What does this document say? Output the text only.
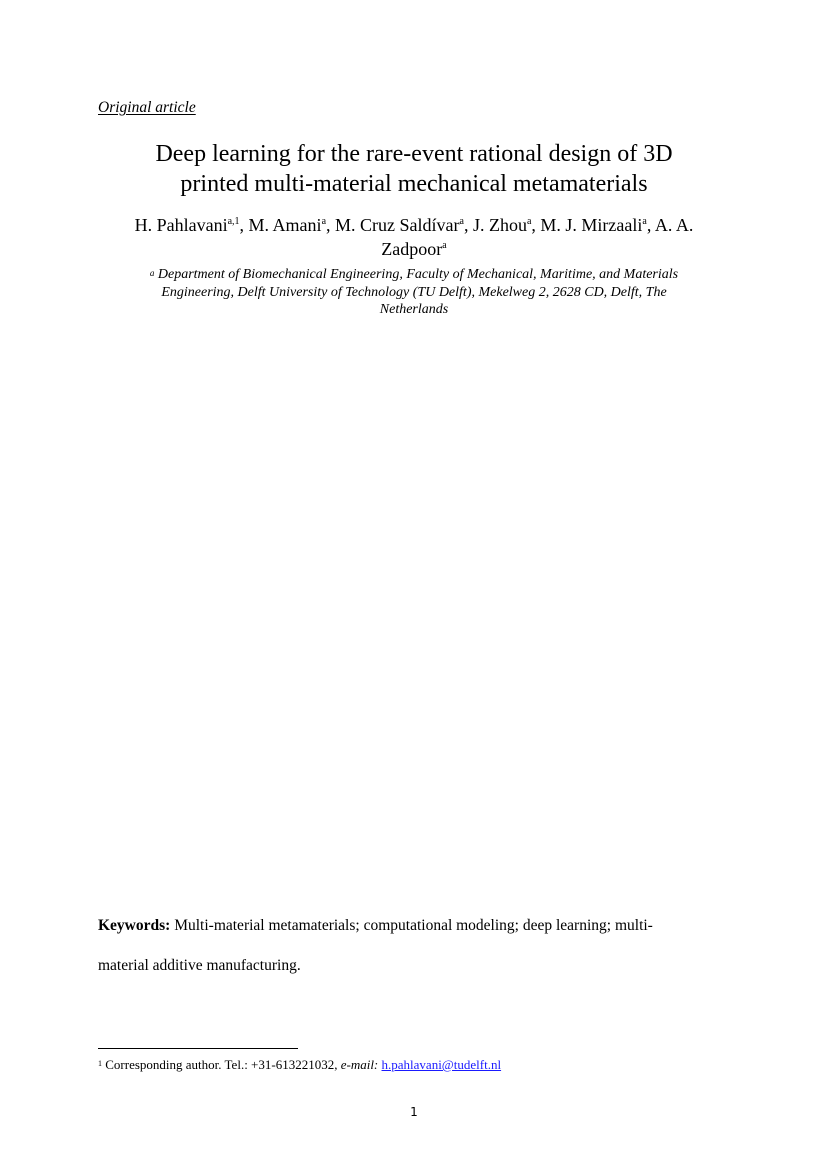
Original article
Deep learning for the rare-event rational design of 3D
printed multi-material mechanical metamaterials
H. Pahlavani$^{a,1}$, M. Amani$^a$, M. Cruz Saldívar$^a$, J. Zhou$^a$, M. J. Mirzaali$^a$, A. A.
Zadpoor$^a$
$^a$ Department of Biomechanical Engineering, Faculty of Mechanical, Maritime, and Materials
Engineering, Delft University of Technology (TU Delft), Mekelweg 2, 2628 CD, Delft, The
Netherlands
Keywords: Multi-material metamaterials; computational modeling; deep learning; multi-
material additive manufacturing.
$^1$ Corresponding author. Tel.: +31-613221032, e-mail: h.pahlavani@tudelft.nl
1
